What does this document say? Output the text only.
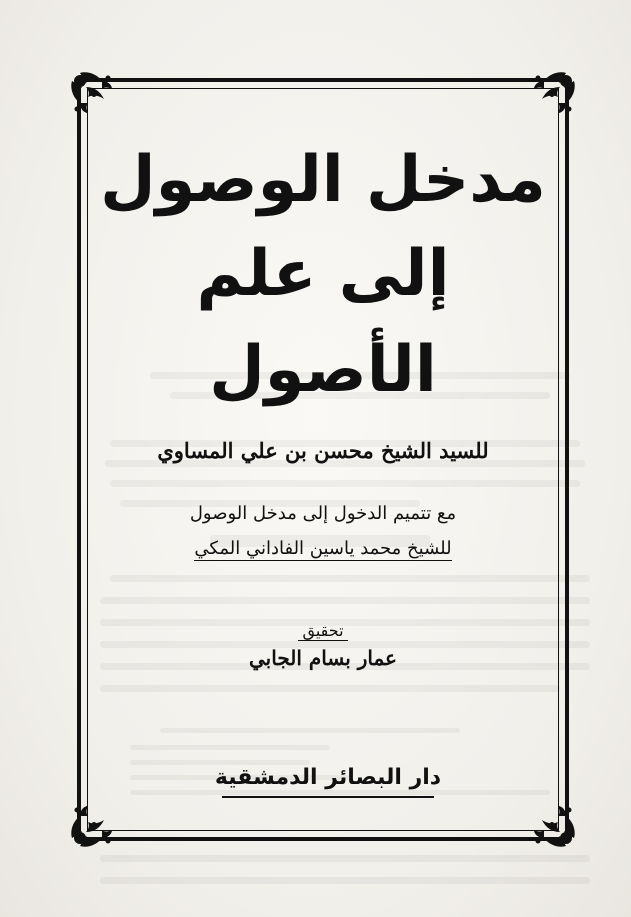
مدخل الوصول
إلى علم الأصول
للسيد الشيخ محسن بن علي المساوي
مع تتميم الدخول إلى مدخل الوصول
للشيخ محمد ياسين الفاداني المكي
تحقيق
عمار بسام الجابي
دار البصائر الدمشقية
